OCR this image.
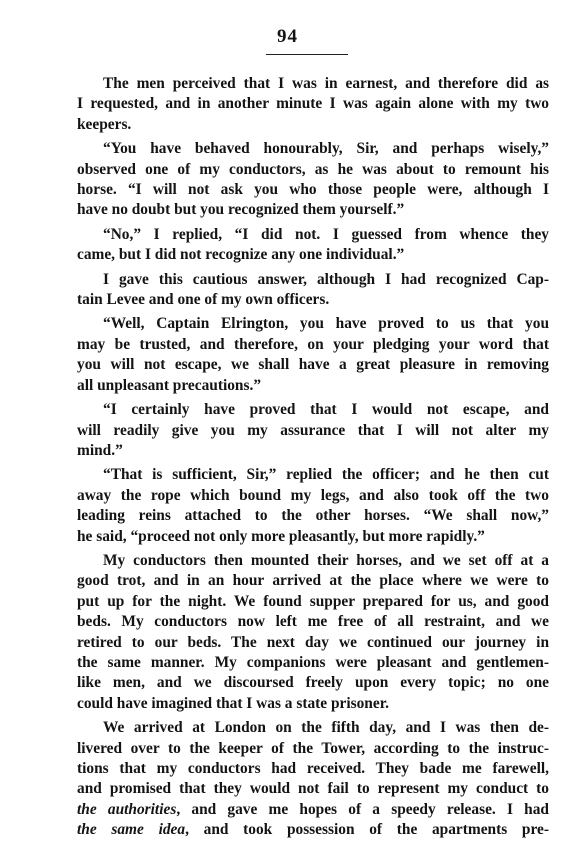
94

The men perceived that I was in earnest, and therefore did as
I requested, and in another minute I was again alone with my two
keepers.

“You have behaved honourably, Sir, and perhaps wisely,”
observed one of my conductors, as he was about to remount his
horse. “I will not ask you who those people were, although I
have no doubt but you recognized them yourself.”

“No,” I replied, “I did not. I guessed from whence they
came, but I did not recognize any one individual.”

I gave this cautious answer, although I had recognized Cap-
tain Levee and one of my own officers.

“Well, Captain Elrington, you have proved to us that you
may be trusted, and therefore, on your pledging your word that
you will not escape, we shall have a great pleasure in removing
all unpleasant precautions.”

“I certainly have proved that I would not escape, and
will readily give you my assurance that I will not alter my
mind.”

“That is sufficient, Sir,” replied the officer; and he then cut
away the rope which bound my legs, and also took off the two
leading reins attached to the other horses. “We shall now,”
he said, “proceed not only more pleasantly, but more rapidly.”

My conductors then mounted their horses, and we set off at a
good trot, and in an hour arrived at the place where we were to
put up for the night. We found supper prepared for us, and good
beds. My conductors now left me free of all restraint, and we
retired to our beds. The next day we continued our journey in
the same manner. My companions were pleasant and gentlemen-
like men, and we discoursed freely upon every topic; no one
could have imagined that I was a state prisoner.

We arrived at London on the fifth day, and I was then de-
livered over to the keeper of the Tower, according to the instruc-
tions that my conductors had received. They bade me farewell,
and promised that they would not fail to represent my conduct to
the authorities, and gave me hopes of a speedy release. I had
the same idea, and took possession of the apartments pre-
